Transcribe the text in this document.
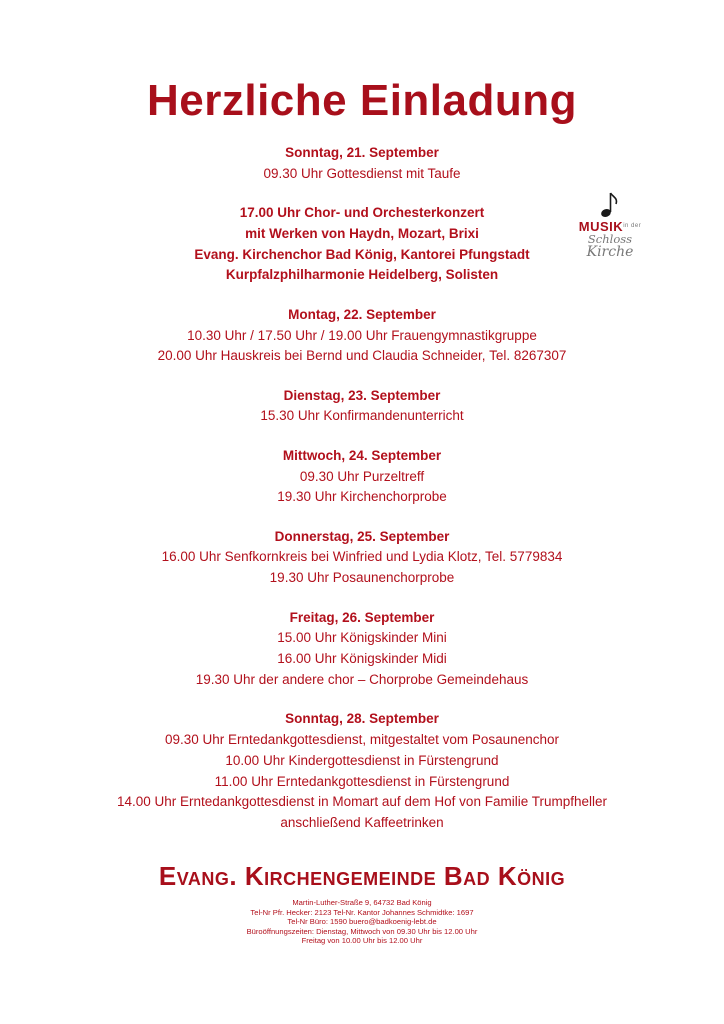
Herzliche Einladung
Sonntag, 21. September
09.30 Uhr Gottesdienst mit Taufe
17.00 Uhr Chor- und Orchesterkonzert
mit Werken von Haydn, Mozart, Brixi
Evang. Kirchenchor Bad König, Kantorei Pfungstadt
Kurpfalzphilharmonie Heidelberg, Solisten
Montag, 22. September
10.30 Uhr / 17.50 Uhr / 19.00 Uhr Frauengymnastikgruppe
20.00 Uhr Hauskreis bei Bernd und Claudia Schneider, Tel. 8267307
Dienstag, 23. September
15.30 Uhr Konfirmandenunterricht
Mittwoch, 24. September
09.30 Uhr Purzeltreff
19.30 Uhr Kirchenchorprobe
Donnerstag, 25. September
16.00 Uhr Senfkornkreis bei Winfried und Lydia Klotz, Tel. 5779834
19.30 Uhr Posaunenchorprobe
Freitag, 26. September
15.00 Uhr Königskinder Mini
16.00 Uhr Königskinder Midi
19.30 Uhr der andere chor – Chorprobe Gemeindehaus
Sonntag, 28. September
09.30 Uhr Erntedankgottesdienst, mitgestaltet vom Posaunenchor
10.00 Uhr Kindergottesdienst in Fürstengrund
11.00 Uhr Erntedankgottesdienst in Fürstengrund
14.00 Uhr Erntedankgottesdienst in Momart auf dem Hof von Familie Trumpfheller
anschließend Kaffeetrinken
$MUSIK^{in der}$
Schloss
Kirche
Evang. Kirchengemeinde Bad König
Martin-Luther-Straße 9, 64732 Bad König
Tel-Nr Pfr. Hecker: 2123 Tel-Nr. Kantor Johannes Schmidtke: 1697
Tel-Nr Büro: 1590 buero@badkoenig-lebt.de
Büroöffnungszeiten: Dienstag, Mittwoch von 09.30 Uhr bis 12.00 Uhr
Freitag von 10.00 Uhr bis 12.00 Uhr
